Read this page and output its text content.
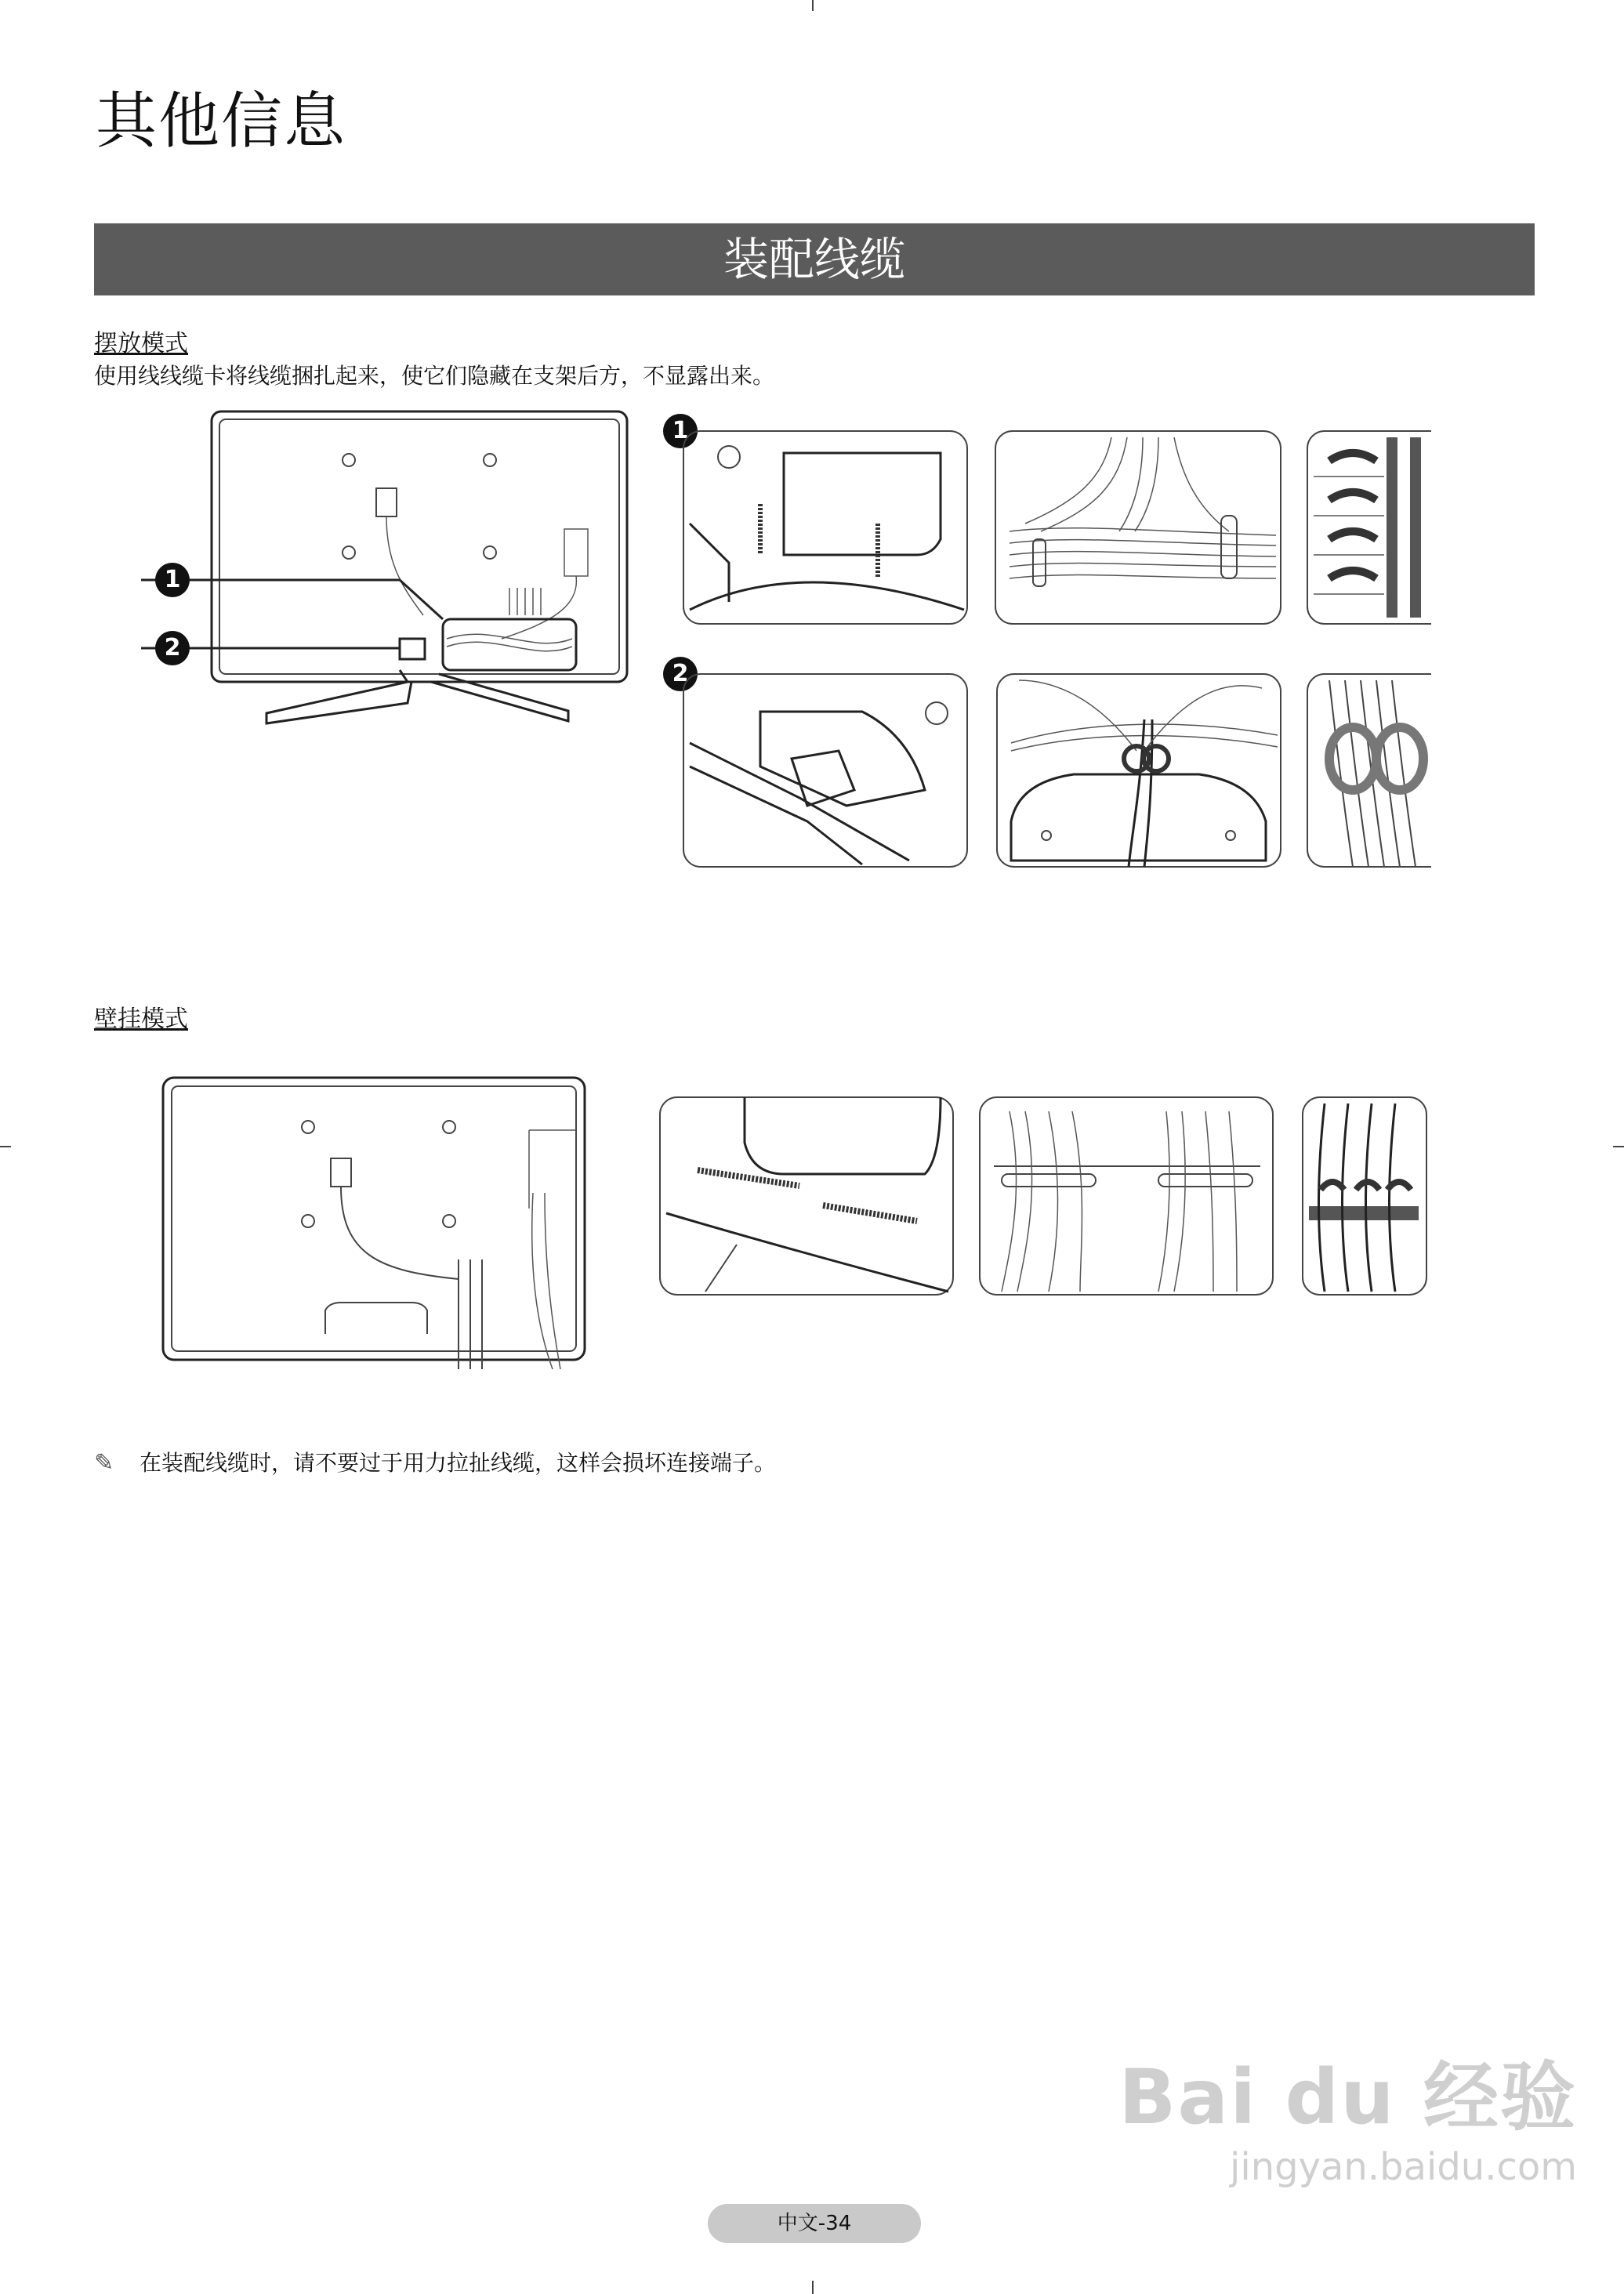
其他信息
装配线缆
摆放模式
使用线线缆卡将线缆捆扎起来，使它们隐藏在支架后方，不显露出来。
1
2
1
2
壁挂模式
✎ 在装配线缆时，请不要过于用力拉扯线缆，这样会损坏连接端子。
Bai du 经验
jingyan.baidu.com
中文-34
